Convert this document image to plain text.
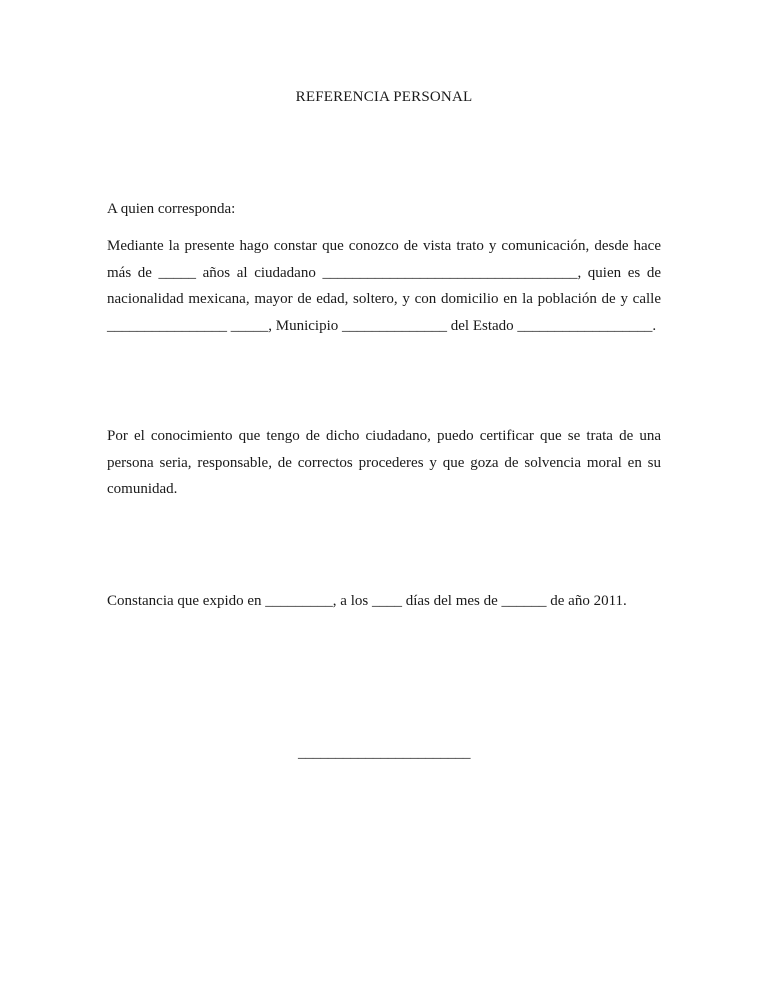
REFERENCIA PERSONAL
A quien corresponda:
Mediante la presente hago constar que conozco de vista trato y comunicación, desde hace
más de _____ años al ciudadano __________________________________, quien es de
nacionalidad mexicana, mayor de edad, soltero, y con domicilio en la población de y calle
________________ _____, Municipio ______________ del Estado __________________.
Por el conocimiento que tengo de dicho ciudadano, puedo certificar que se trata de una
persona seria, responsable, de correctos procederes y que goza de solvencia moral en su
comunidad.
Constancia que expido en _________, a los ____ días del mes de ______ de año 2011.
_______________________
